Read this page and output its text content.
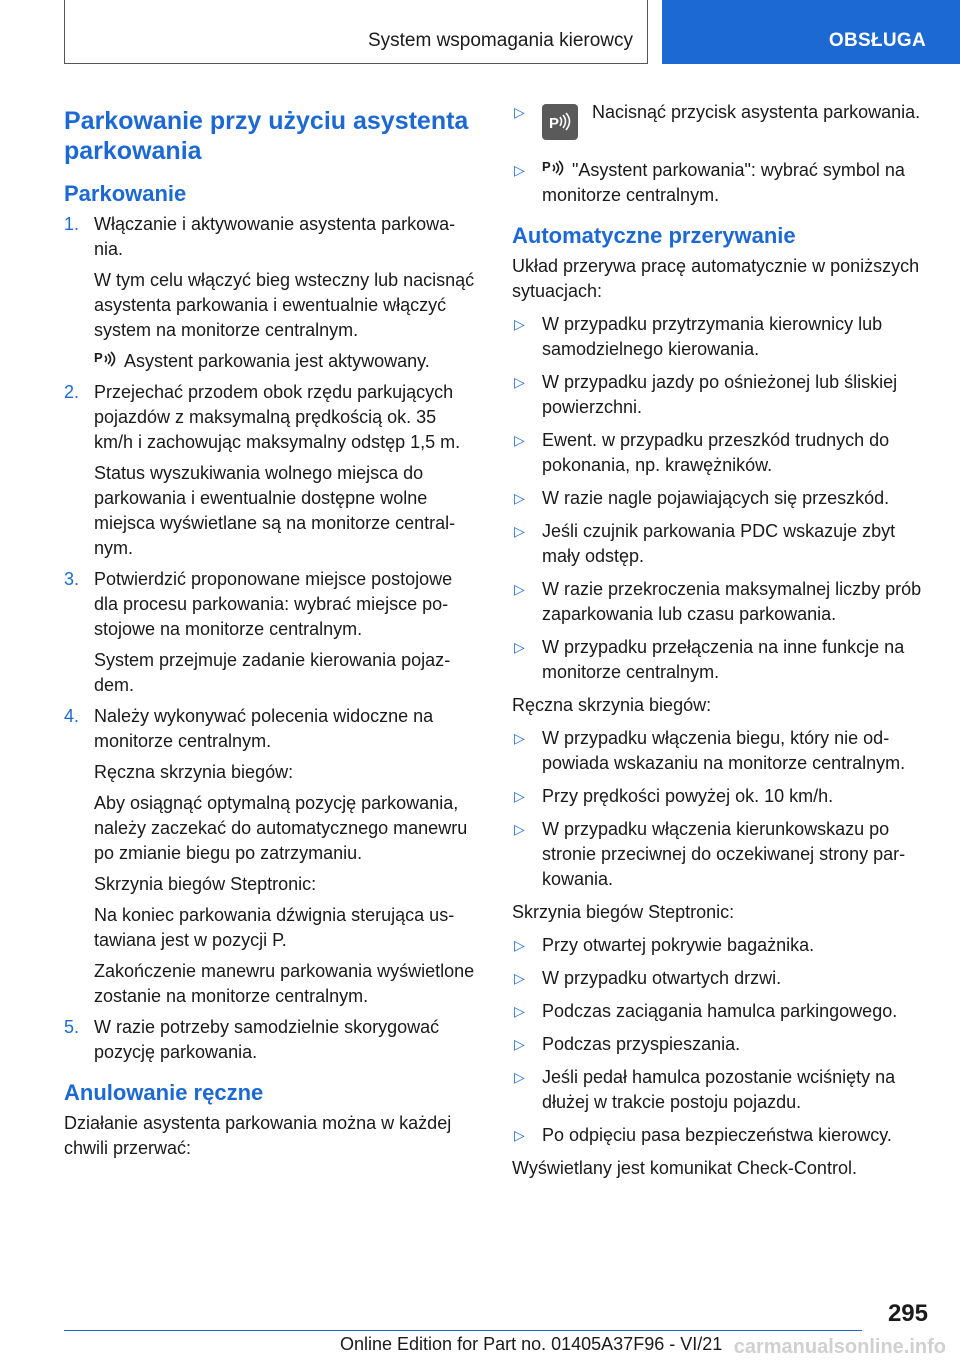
System wspomagania kierowcy	OBSŁUGA
Parkowanie przy użyciu asystenta parkowania
Parkowanie
1. Włączanie i aktywowanie asystenta parkowania.

W tym celu włączyć bieg wsteczny lub nacisnąć asystenta parkowania i ewentualnie włączyć system na monitorze centralnym.

P Asystent parkowania jest aktywowany.

2. Przejechać przodem obok rzędu parkujących pojazdów z maksymalną prędkością ok. 35 km/h i zachowując maksymalny odstęp 1,5 m.

Status wyszukiwania wolnego miejsca do parkowania i ewentualnie dostępne wolne miejsca wyświetlane są na monitorze centralnym.

3. Potwierdzić proponowane miejsce postojowe dla procesu parkowania: wybrać miejsce postojowe na monitorze centralnym.

System przejmuje zadanie kierowania pojazdem.

4. Należy wykonywać polecenia widoczne na monitorze centralnym.

Ręczna skrzynia biegów:

Aby osiągnąć optymalną pozycję parkowania, należy zaczekać do automatycznego manewru po zmianie biegu po zatrzymaniu.

Skrzynia biegów Steptronic:

Na koniec parkowania dźwignia sterująca ustawiana jest w pozycji P.

Zakończenie manewru parkowania wyświetlone zostanie na monitorze centralnym.

5. W razie potrzeby samodzielnie skorygować pozycję parkowania.

Anulowanie ręczne

Działanie asystenta parkowania można w każdej chwili przerwać:

▷
P
Nacisnąć przycisk asystenta parkowania.
▷ P "Asystent parkowania": wybrać symbol na monitorze centralnym.
Automatyczne przerywanie

Układ przerywa pracę automatycznie w poniższych sytuacjach:

▷ W przypadku przytrzymania kierownicy lub samodzielnego kierowania.
▷ W przypadku jazdy po ośnieżonej lub śliskiej powierzchni.
▷ Ewent. w przypadku przeszkód trudnych do pokonania, np. krawężników.
▷ W razie nagle pojawiających się przeszkód.
▷ Jeśli czujnik parkowania PDC wskazuje zbyt mały odstęp.
▷ W razie przekroczenia maksymalnej liczby prób zaparkowania lub czasu parkowania.
▷ W przypadku przełączenia na inne funkcje na monitorze centralnym.

Ręczna skrzynia biegów:

▷ W przypadku włączenia biegu, który nie odpowiada wskazaniu na monitorze centralnym.
▷ Przy prędkości powyżej ok. 10 km/h.
▷ W przypadku włączenia kierunkowskazu po stronie przeciwnej do oczekiwanej strony parkowania.

Skrzynia biegów Steptronic:

▷ Przy otwartej pokrywie bagażnika.
▷ W przypadku otwartych drzwi.
▷ Podczas zaciągania hamulca parkingowego.
▷ Podczas przyspieszania.
▷ Jeśli pedał hamulca pozostanie wciśnięty na dłużej w trakcie postoju pojazdu.
▷ Po odpięciu pasa bezpieczeństwa kierowcy.

Wyświetlany jest komunikat Check-Control.

295
Online Edition for Part no. 01405A37F96 - VI/21 carmanualsonline.info
